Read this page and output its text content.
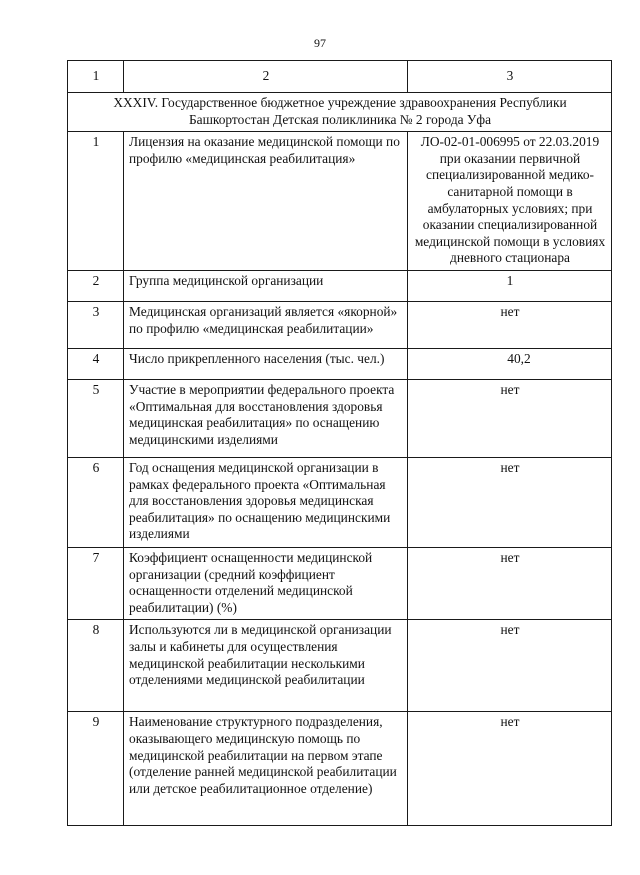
97
1	2	3
XXXIV. Государственное бюджетное учреждение здравоохранения Республики Башкортостан Детская поликлиника № 2 города Уфа		
1	Лицензия на оказание медицинской помощи по профилю «медицинская реабилитация»	ЛО-02-01-006995 от 22.03.2019 при оказании первичной специализированной медико-санитарной помощи в амбулаторных условиях; при оказании специализированной медицинской помощи в условиях дневного стационара
2	Группа медицинской организации	1
3	Медицинская организаций является «якорной» по профилю «медицинская реабилитации»	нет
4	Число прикрепленного населения (тыс. чел.)	40,2
5	Участие в мероприятии федерального проекта «Оптимальная для восстановления здоровья медицинская реабилитация» по оснащению медицинскими изделиями	нет
6	Год оснащения медицинской организации в рамках федерального проекта «Оптимальная для восстановления здоровья медицинская реабилитация» по оснащению медицинскими изделиями	нет
7	Коэффициент оснащенности медицинской организации (средний коэффициент оснащенности отделений медицинской реабилитации) (%)	нет
8	Используются ли в медицинской организации залы и кабинеты для осуществления медицинской реабилитации несколькими отделениями медицинской реабилитации	нет
9	Наименование структурного подразделения, оказывающего медицинскую помощь по медицинской реабилитации на первом этапе (отделение ранней медицинской реабилитации или детское реабилитационное отделение)	нет
